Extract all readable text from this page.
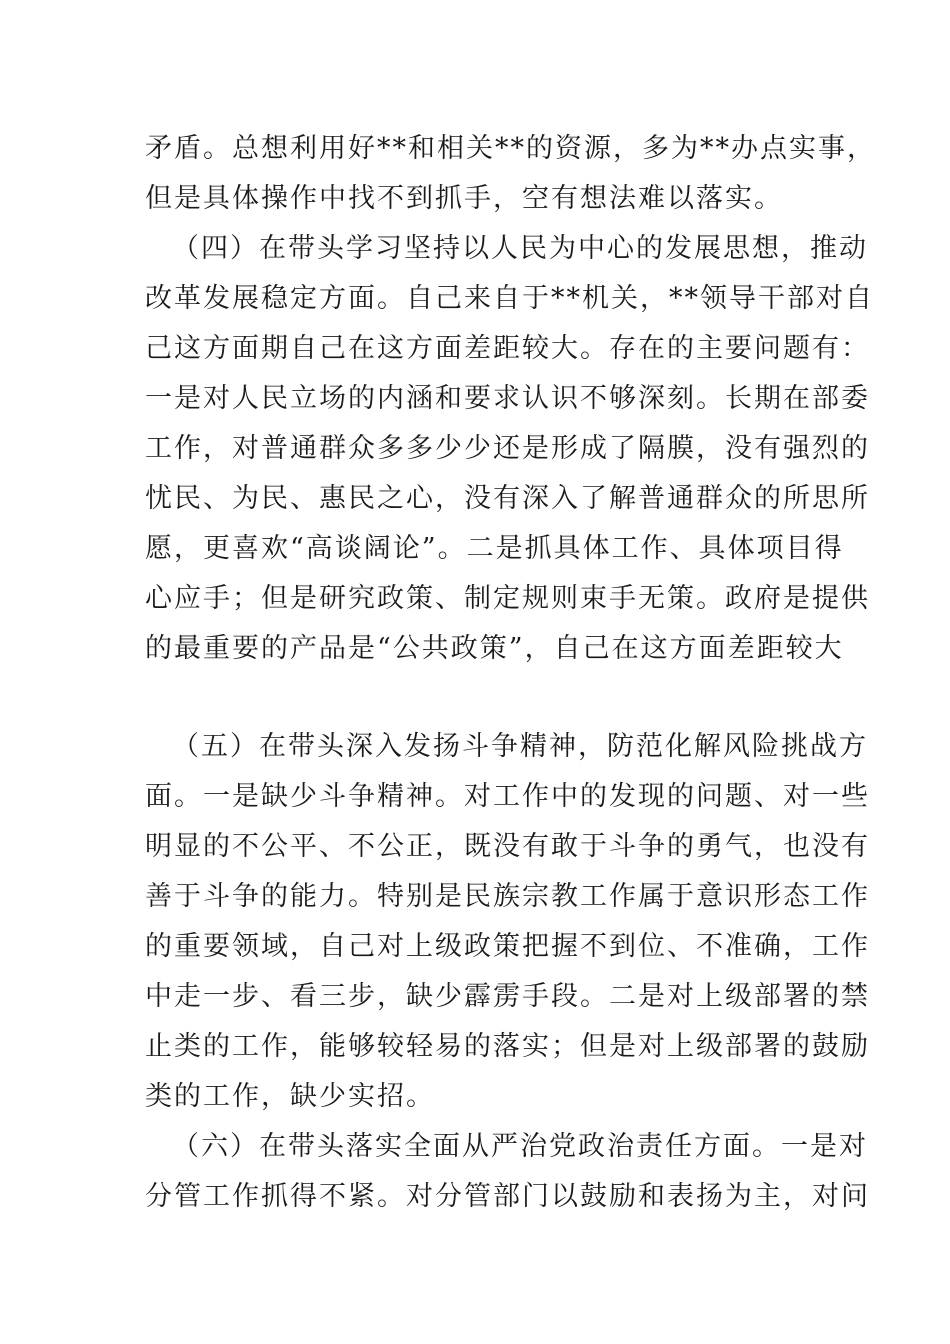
矛盾。总想利用好**和相关**的资源，多为**办点实事，
但是具体操作中找不到抓手，空有想法难以落实。
（四）在带头学习坚持以人民为中心的发展思想，推动
改革发展稳定方面。自己来自于**机关，**领导干部对自
己这方面期自己在这方面差距较大。存在的主要问题有：
一是对人民立场的内涵和要求认识不够深刻。长期在部委
工作，对普通群众多多少少还是形成了隔膜，没有强烈的
忧民、为民、惠民之心，没有深入了解普通群众的所思所
愿，更喜欢“高谈阔论”。二是抓具体工作、具体项目得
心应手；但是研究政策、制定规则束手无策。政府是提供
的最重要的产品是“公共政策”，自己在这方面差距较大
（五）在带头深入发扬斗争精神，防范化解风险挑战方
面。一是缺少斗争精神。对工作中的发现的问题、对一些
明显的不公平、不公正，既没有敢于斗争的勇气，也没有
善于斗争的能力。特别是民族宗教工作属于意识形态工作
的重要领域，自己对上级政策把握不到位、不准确，工作
中走一步、看三步，缺少霹雳手段。二是对上级部署的禁
止类的工作，能够较轻易的落实；但是对上级部署的鼓励
类的工作，缺少实招。
（六）在带头落实全面从严治党政治责任方面。一是对
分管工作抓得不紧。对分管部门以鼓励和表扬为主，对问
